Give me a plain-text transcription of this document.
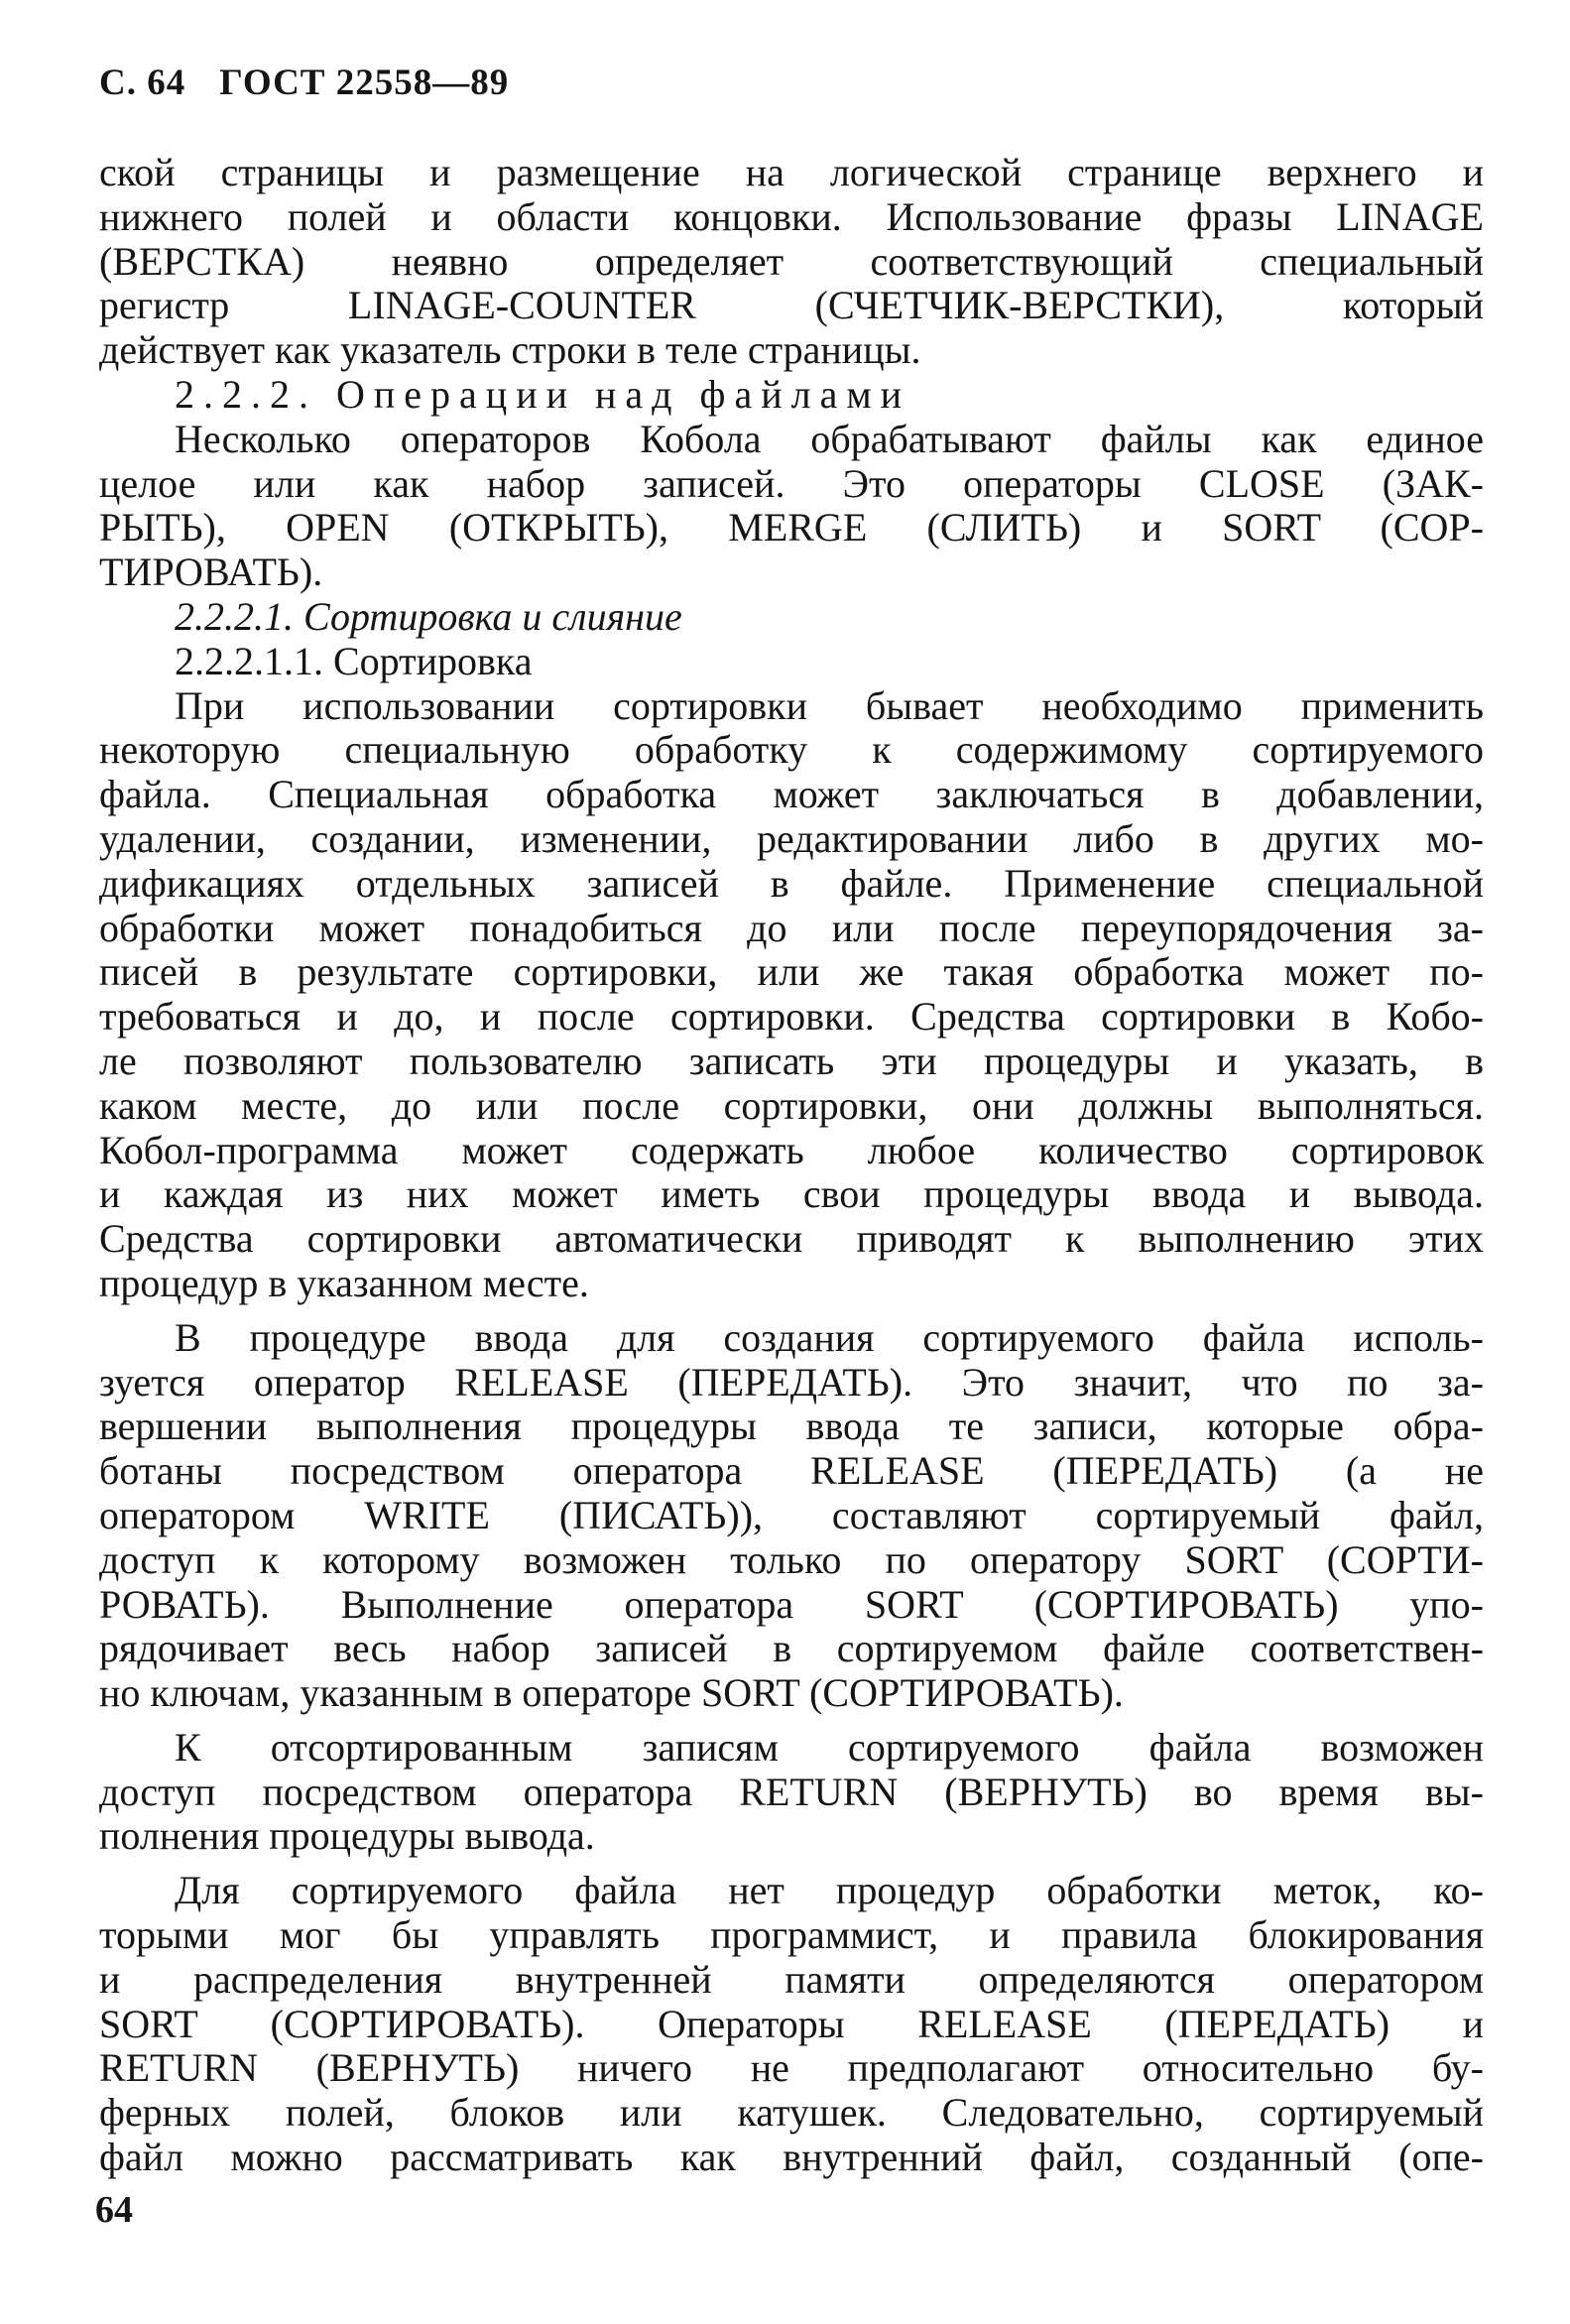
С. 64 ГОСТ 22558—89
ской страницы и размещение на логической странице верхнего и
нижнего полей и области концовки. Использование фразы LINAGE
(ВЕРСТКА) неявно определяет соответствующий специальный
регистр LINAGE-COUNTER (СЧЕТЧИК-ВЕРСТКИ), который
действует как указатель строки в теле страницы.
2.2.2. Операции над файлами
Несколько операторов Кобола обрабатывают файлы как единое
целое или как набор записей. Это операторы CLOSE (ЗАК-
РЫТЬ), OPEN (ОТКРЫТЬ), MERGE (СЛИТЬ) и SORT (СОР-
ТИРОВАТЬ).
2.2.2.1. Сортировка и слияние
2.2.2.1.1. Сортировка
При использовании сортировки бывает необходимо применить
некоторую специальную обработку к содержимому сортируемого
файла. Специальная обработка может заключаться в добавлении,
удалении, создании, изменении, редактировании либо в других мо-
дификациях отдельных записей в файле. Применение специальной
обработки может понадобиться до или после переупорядочения за-
писей в результате сортировки, или же такая обработка может по-
требоваться и до, и после сортировки. Средства сортировки в Кобо-
ле позволяют пользователю записать эти процедуры и указать, в
каком месте, до или после сортировки, они должны выполняться.
Кобол-программа может содержать любое количество сортировок
и каждая из них может иметь свои процедуры ввода и вывода.
Средства сортировки автоматически приводят к выполнению этих
процедур в указанном месте.
В процедуре ввода для создания сортируемого файла исполь-
зуется оператор RELEASE (ПЕРЕДАТЬ). Это значит, что по за-
вершении выполнения процедуры ввода те записи, которые обра-
ботаны посредством оператора RELEASE (ПЕРЕДАТЬ) (а не
оператором WRITE (ПИСАТЬ)), составляют сортируемый файл,
доступ к которому возможен только по оператору SORT (СОРТИ-
РОВАТЬ). Выполнение оператора SORT (СОРТИРОВАТЬ) упо-
рядочивает весь набор записей в сортируемом файле соответствен-
но ключам, указанным в операторе SORT (СОРТИРОВАТЬ).
К отсортированным записям сортируемого файла возможен
доступ посредством оператора RETURN (ВЕРНУТЬ) во время вы-
полнения процедуры вывода.
Для сортируемого файла нет процедур обработки меток, ко-
торыми мог бы управлять программист, и правила блокирования
и распределения внутренней памяти определяются оператором
SORT (СОРТИРОВАТЬ). Операторы RELEASE (ПЕРЕДАТЬ) и
RETURN (ВЕРНУТЬ) ничего не предполагают относительно бу-
ферных полей, блоков или катушек. Следовательно, сортируемый
файл можно рассматривать как внутренний файл, созданный (опе-
64
